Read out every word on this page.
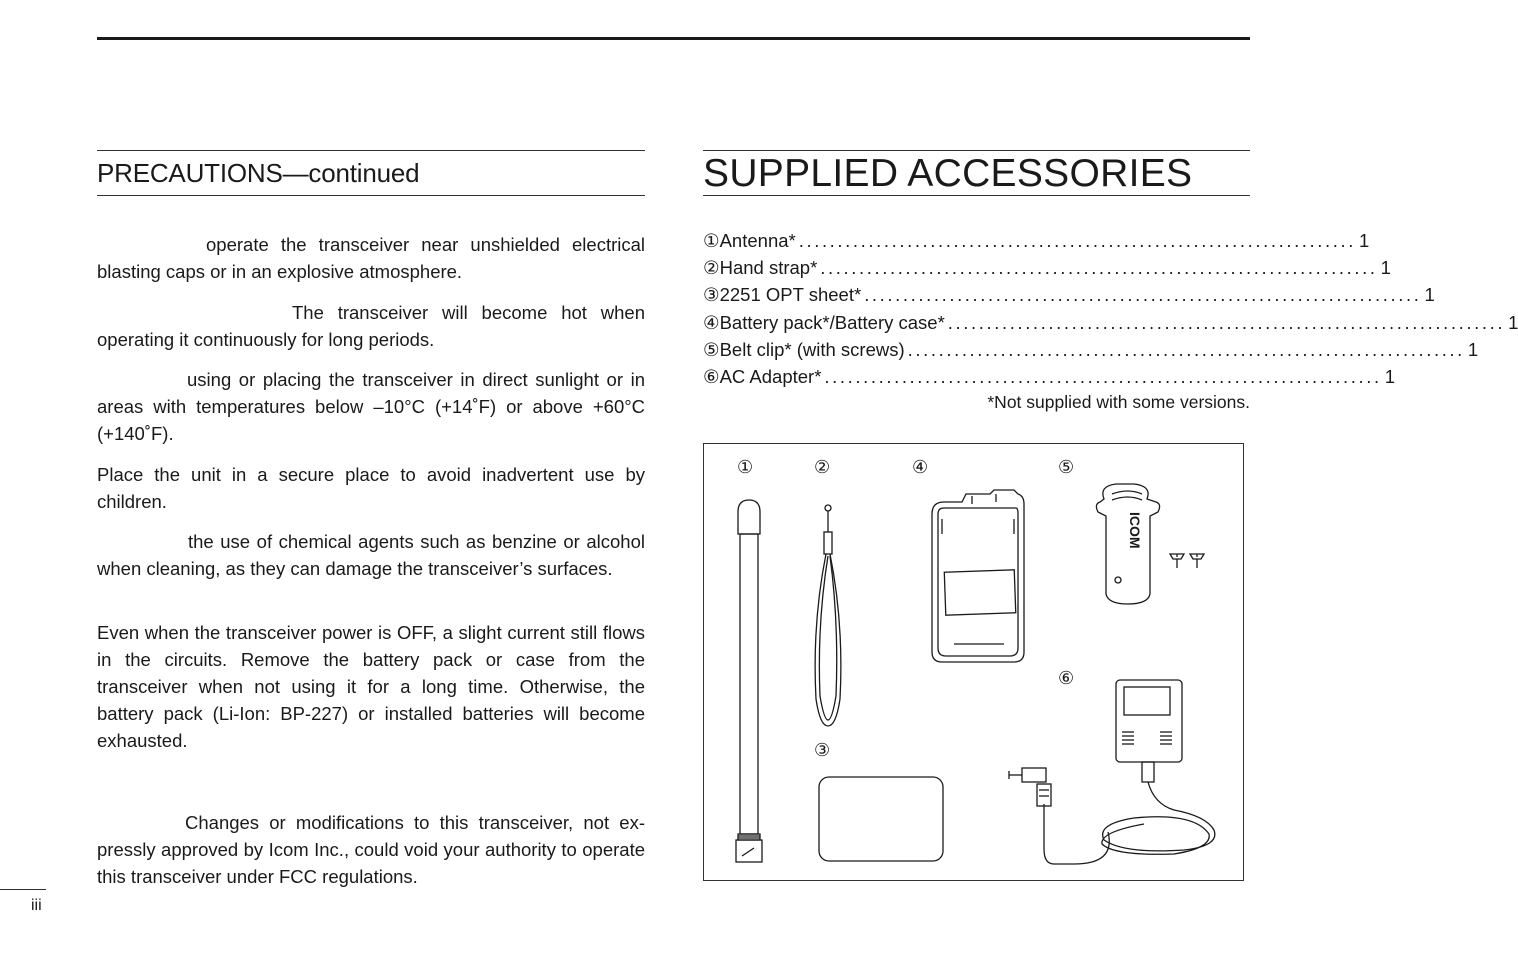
PRECAUTIONS—continued

operate the transceiver near unshielded electrical blasting caps or in an explosive atmosphere.

The transceiver will become hot when operating it continuously for long periods.

using or placing the transceiver in direct sunlight or in areas with temperatures below –10°C (+14˚F) or above +60°C (+140˚F).

Place the unit in a secure place to avoid inadvertent use by children.

the use of chemical agents such as benzine or alcohol when cleaning, as they can damage the transceiver’s surfaces.

Even when the transceiver power is OFF, a slight current still flows in the circuits. Remove the battery pack or case from the transceiver when not using it for a long time. Otherwise, the battery pack (Li-Ion: BP-227) or installed batteries will become exhausted.

Changes or modifications to this transceiver, not expressly approved by Icom Inc., could void your authority to operate this transceiver under FCC regulations.

SUPPLIED ACCESSORIES
① Antenna* ........................................................................ 1
② Hand strap* ........................................................................ 1
③ 2251 OPT sheet* ........................................................................ 1
④ Battery pack*/Battery case* ........................................................................ 1
⑤ Belt clip* (with screws) ........................................................................ 1
⑥ AC Adapter* ........................................................................ 1
*Not supplied with some versions.
①	②	④	⑤
③
⑥
ICOM
iii
